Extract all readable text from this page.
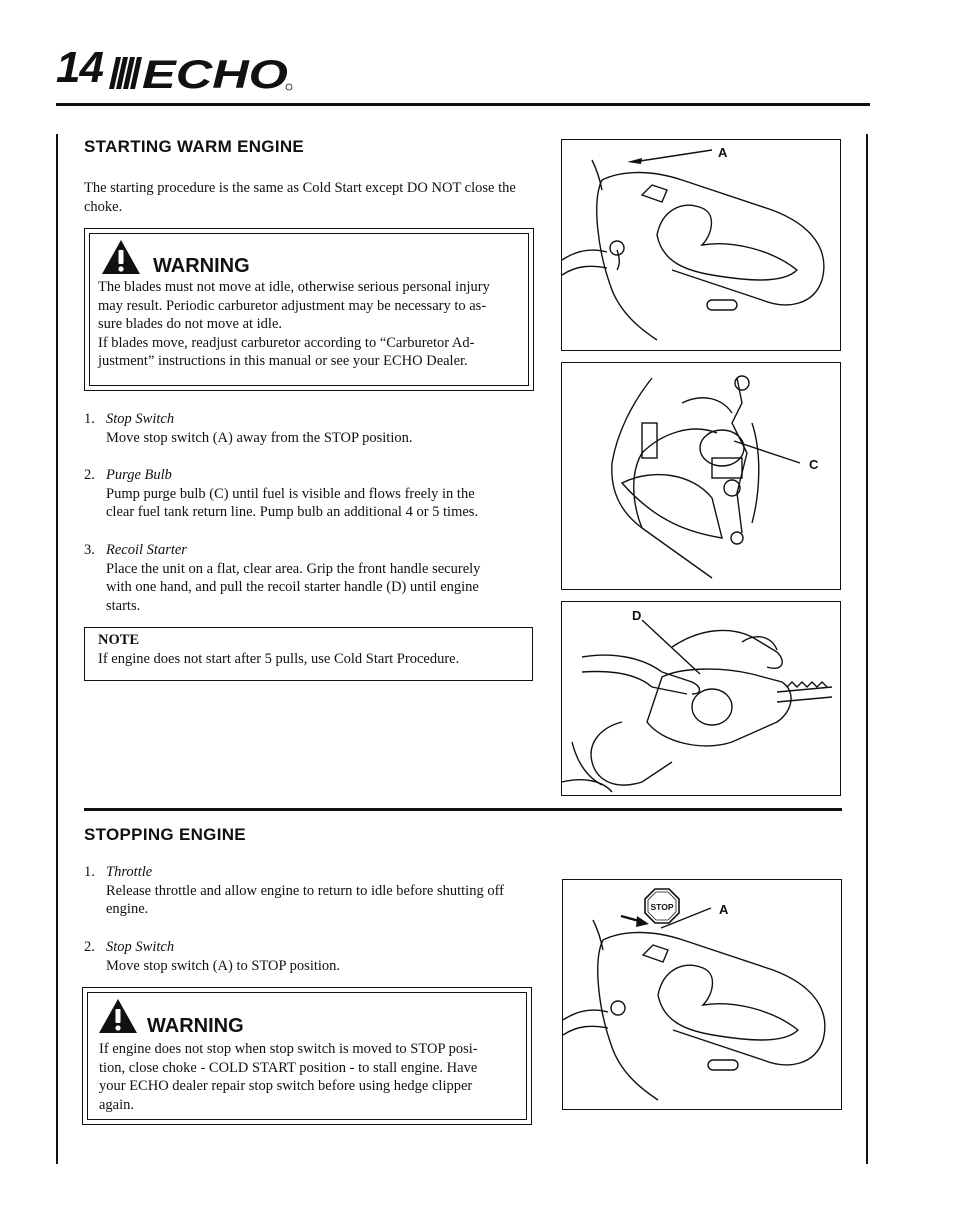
14 ECHO
STARTING WARM ENGINE
The starting procedure is the same as Cold Start except DO NOT close the choke.
WARNING
The blades must not move at idle, otherwise serious personal injury
may result. Periodic carburetor adjustment may be necessary to as-
sure blades do not move at idle.
If blades move, readjust carburetor according to “Carburetor Ad-
justment” instructions in this manual or see your ECHO Dealer.
1. Stop Switch
Move stop switch (A) away from the STOP position.
2. Purge Bulb
Pump purge bulb (C) until fuel is visible and flows freely in the
clear fuel tank return line. Pump bulb an additional 4 or 5 times.
3. Recoil Starter
Place the unit on a flat, clear area. Grip the front handle securely
with one hand, and pull the recoil starter handle (D) until engine
starts.
NOTE
If engine does not start after 5 pulls, use Cold Start Procedure.
A
C
D
STOPPING ENGINE
1. Throttle
Release throttle and allow engine to return to idle before shutting off
engine.
2. Stop Switch
Move stop switch (A) to STOP position.
WARNING
If engine does not stop when stop switch is moved to STOP posi-
tion, close choke - COLD START position - to stall engine. Have
your ECHO dealer repair stop switch before using hedge clipper
again.
STOP	A
